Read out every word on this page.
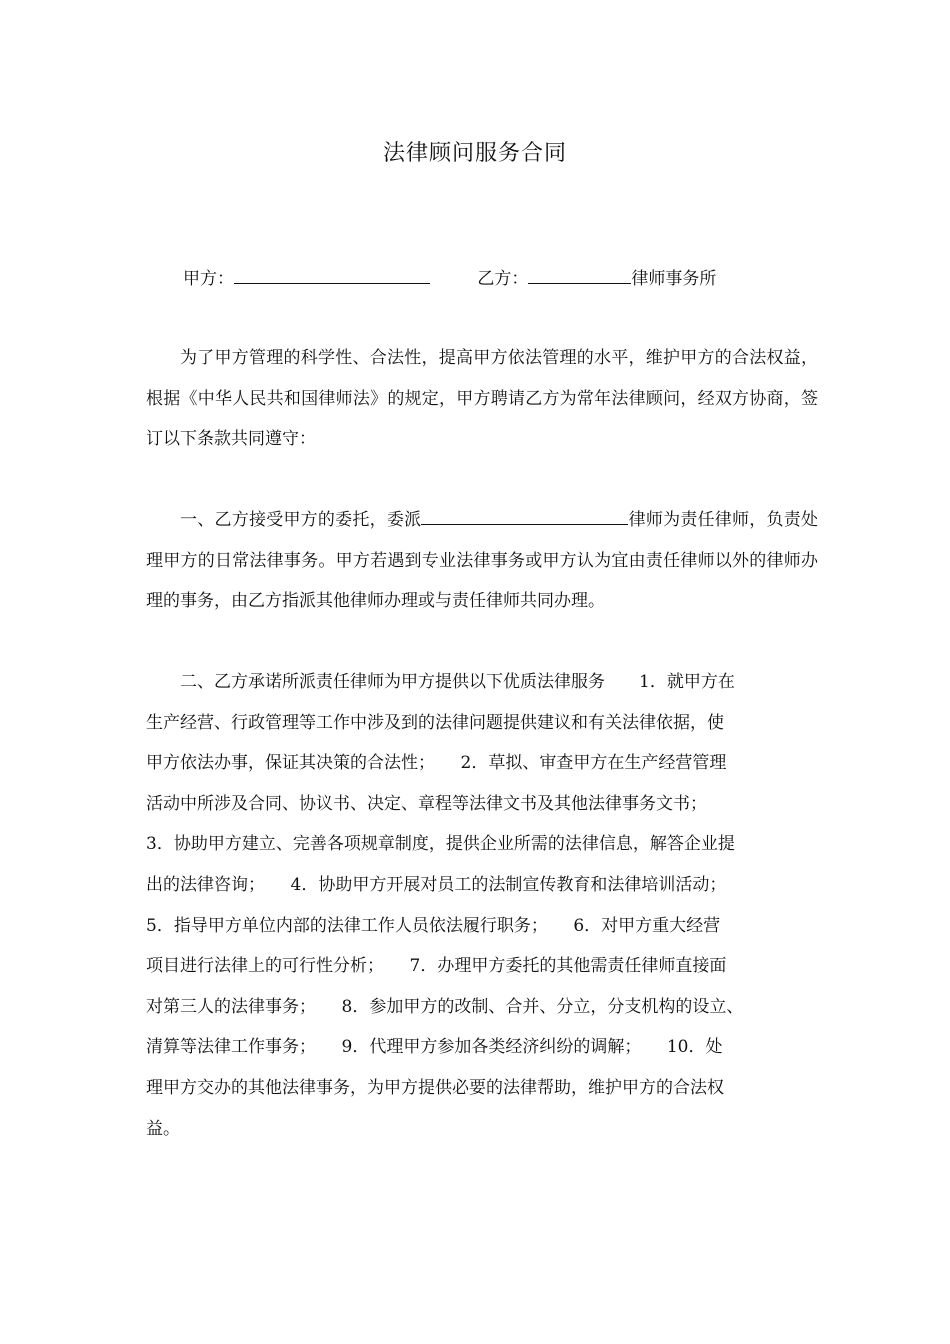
法律顾问服务合同
甲方：	乙方：	律师事务所

为了甲方管理的科学性、合法性，提高甲方依法管理的水平，维护甲方的合法权益，根据《中华人民共和国律师法》的规定，甲方聘请乙方为常年法律顾问，经双方协商，签订以下条款共同遵守：

一、乙方接受甲方的委托，委派	律师为责任律师，负责处理甲方的日常法律事务。甲方若遇到专业法律事务或甲方认为宜由责任律师以外的律师办理的事务，由乙方指派其他律师办理或与责任律师共同办理。

二、乙方承诺所派责任律师为甲方提供以下优质法律服务　　1．就甲方在
生产经营、行政管理等工作中涉及到的法律问题提供建议和有关法律依据，使
甲方依法办事，保证其决策的合法性；　　2．草拟、审查甲方在生产经营管理
活动中所涉及合同、协议书、决定、章程等法律文书及其他法律事务文书；
3．协助甲方建立、完善各项规章制度，提供企业所需的法律信息，解答企业提
出的法律咨询；　　4．协助甲方开展对员工的法制宣传教育和法律培训活动；
5．指导甲方单位内部的法律工作人员依法履行职务；　　6．对甲方重大经营
项目进行法律上的可行性分析；　　7．办理甲方委托的其他需责任律师直接面
对第三人的法律事务；　　8．参加甲方的改制、合并、分立，分支机构的设立、
清算等法律工作事务；　　9．代理甲方参加各类经济纠纷的调解；　　10．处
理甲方交办的其他法律事务，为甲方提供必要的法律帮助，维护甲方的合法权
益。
